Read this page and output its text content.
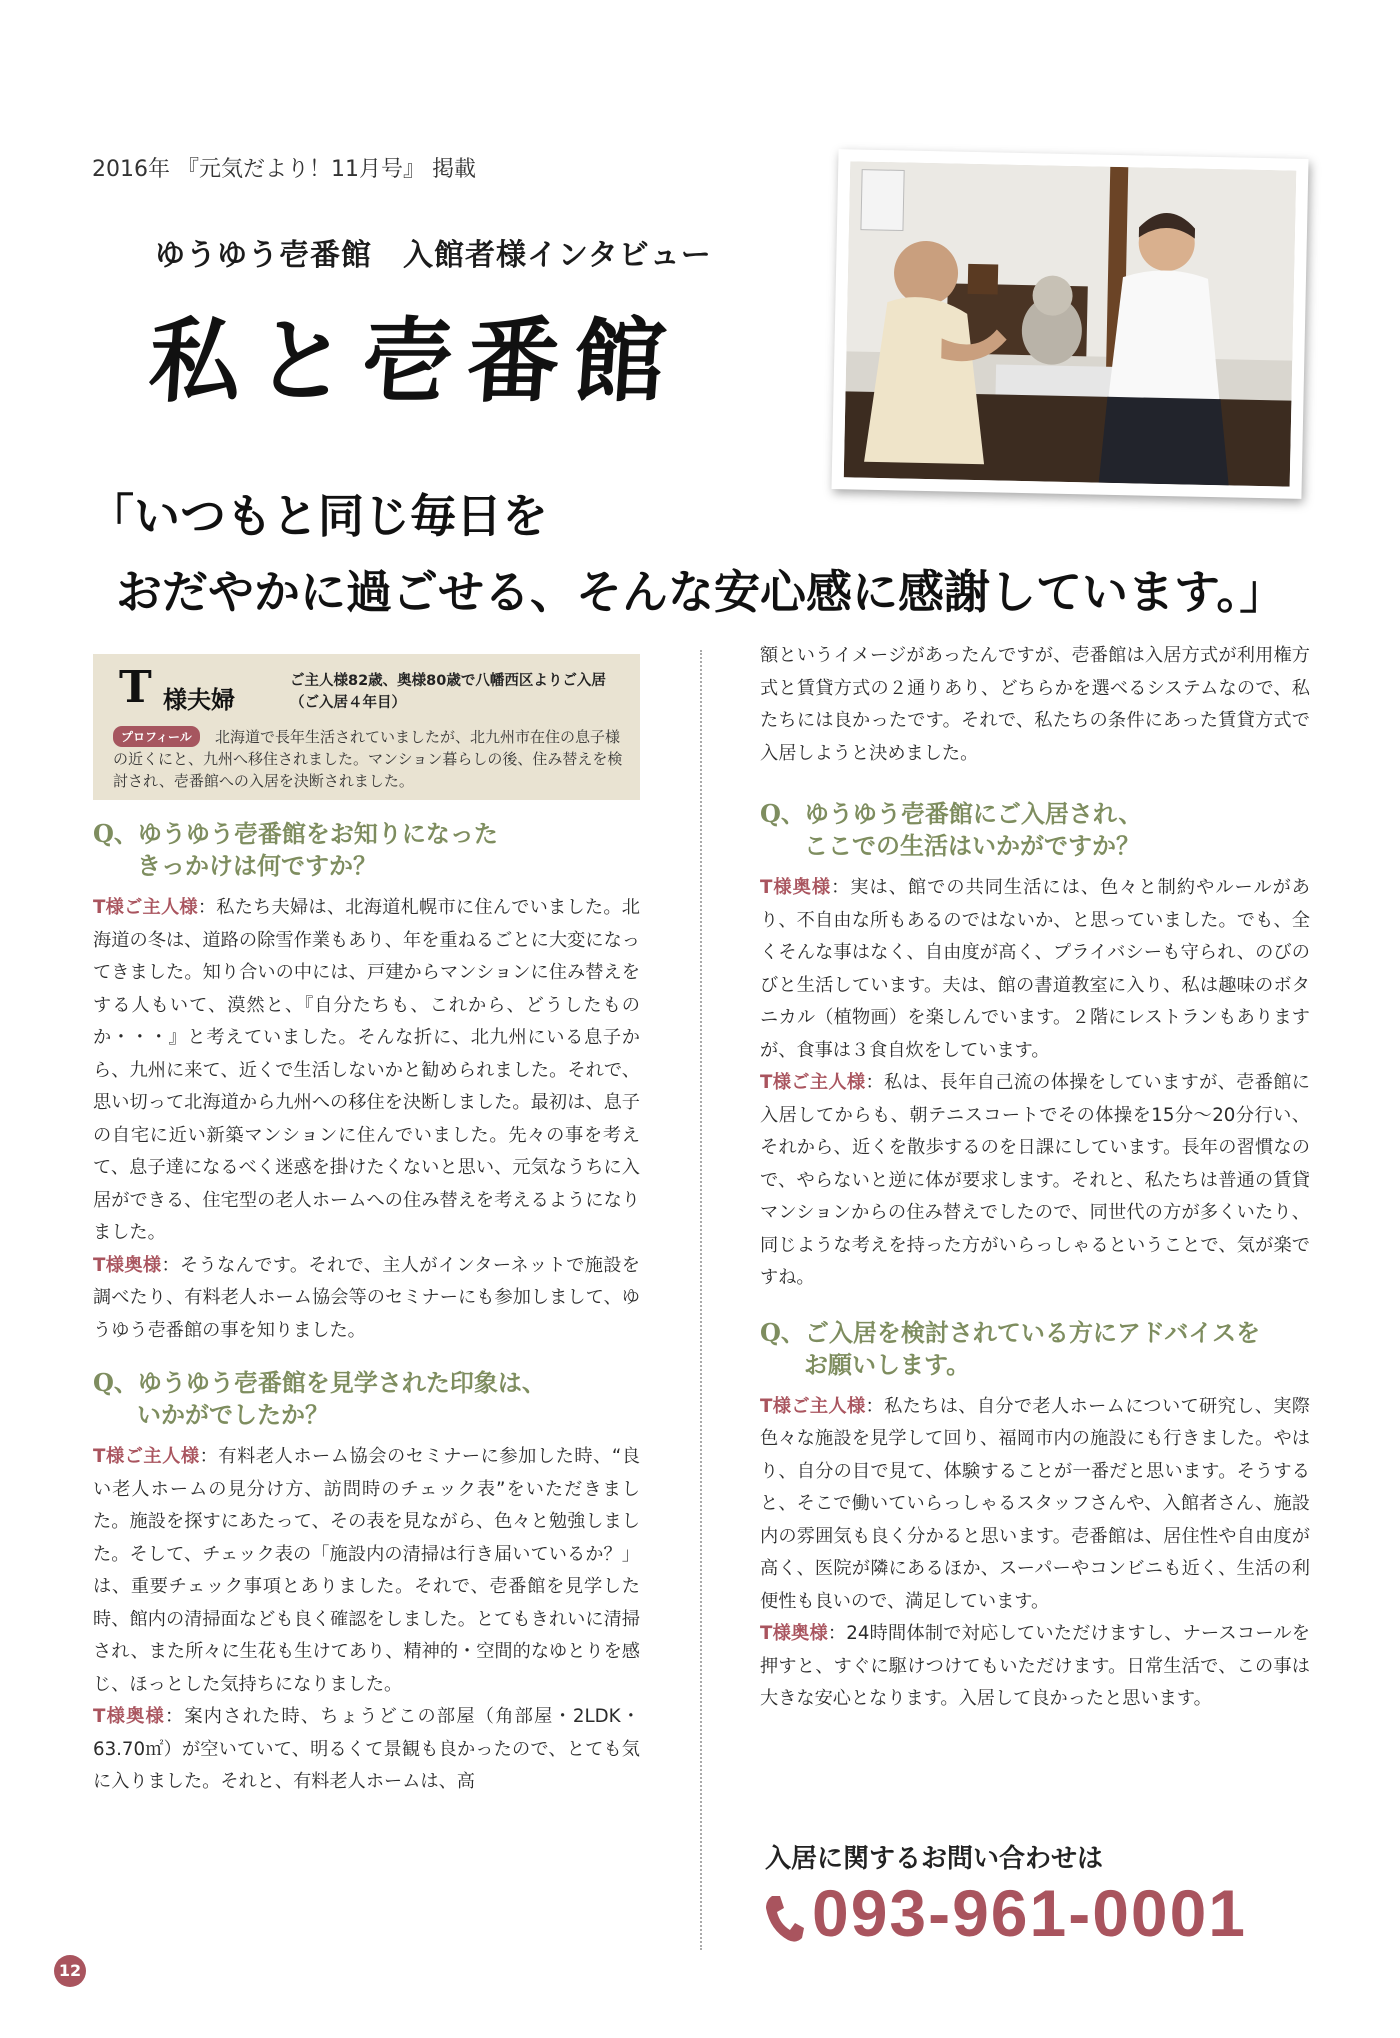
2016年 『元気だより！11月号』 掲載
ゆうゆう壱番館　入館者様インタビュー
私と壱番館
「いつもと同じ毎日を
おだやかに過ごせる、そんな安心感に感謝しています。」
T 様夫婦
ご主人様82歳、奥様80歳で八幡西区よりご入居
（ご入居４年目）
北海道で長年生活されていましたが、北九州市在住の息子様の近くにと、九州へ移住されました。マンション暮らしの後、住み替えを検討され、壱番館への入居を決断されました。
プロフィール
Q、ゆうゆう壱番館をお知りになった
きっかけは何ですか？
T様ご主人様：私たち夫婦は、北海道札幌市に住んでいました。北海道の冬は、道路の除雪作業もあり、年を重ねるごとに大変になってきました。知り合いの中には、戸建からマンションに住み替えをする人もいて、漠然と、『自分たちも、これから、どうしたものか・・・』と考えていました。そんな折に、北九州にいる息子から、九州に来て、近くで生活しないかと勧められました。それで、思い切って北海道から九州への移住を決断しました。最初は、息子の自宅に近い新築マンションに住んでいました。先々の事を考えて、息子達になるべく迷惑を掛けたくないと思い、元気なうちに入居ができる、住宅型の老人ホームへの住み替えを考えるようになりました。
T様奥様：そうなんです。それで、主人がインターネットで施設を調べたり、有料老人ホーム協会等のセミナーにも参加しまして、ゆうゆう壱番館の事を知りました。
Q、ゆうゆう壱番館を見学された印象は、
いかがでしたか？
T様ご主人様：有料老人ホーム協会のセミナーに参加した時、“良い老人ホームの見分け方、訪問時のチェック表”をいただきました。施設を探すにあたって、その表を見ながら、色々と勉強しました。そして、チェック表の「施設内の清掃は行き届いているか？」は、重要チェック事項とありました。それで、壱番館を見学した時、館内の清掃面なども良く確認をしました。とてもきれいに清掃され、また所々に生花も生けてあり、精神的・空間的なゆとりを感じ、ほっとした気持ちになりました。
T様奥様：案内された時、ちょうどこの部屋（角部屋・2LDK・63.70㎡）が空いていて、明るくて景観も良かったので、とても気に入りました。それと、有料老人ホームは、高
額というイメージがあったんですが、壱番館は入居方式が利用権方式と賃貸方式の２通りあり、どちらかを選べるシステムなので、私たちには良かったです。それで、私たちの条件にあった賃貸方式で入居しようと決めました。
Q、ゆうゆう壱番館にご入居され、
ここでの生活はいかがですか？
T様奥様：実は、館での共同生活には、色々と制約やルールがあり、不自由な所もあるのではないか、と思っていました。でも、全くそんな事はなく、自由度が高く、プライバシーも守られ、のびのびと生活しています。夫は、館の書道教室に入り、私は趣味のボタニカル（植物画）を楽しんでいます。２階にレストランもありますが、食事は３食自炊をしています。
T様ご主人様：私は、長年自己流の体操をしていますが、壱番館に入居してからも、朝テニスコートでその体操を15分～20分行い、それから、近くを散歩するのを日課にしています。長年の習慣なので、やらないと逆に体が要求します。それと、私たちは普通の賃貸マンションからの住み替えでしたので、同世代の方が多くいたり、同じような考えを持った方がいらっしゃるということで、気が楽ですね。
Q、ご入居を検討されている方にアドバイスを
お願いします。
T様ご主人様：私たちは、自分で老人ホームについて研究し、実際色々な施設を見学して回り、福岡市内の施設にも行きました。やはり、自分の目で見て、体験することが一番だと思います。そうすると、そこで働いていらっしゃるスタッフさんや、入館者さん、施設内の雰囲気も良く分かると思います。壱番館は、居住性や自由度が高く、医院が隣にあるほか、スーパーやコンビニも近く、生活の利便性も良いので、満足しています。
T様奥様：24時間体制で対応していただけますし、ナースコールを押すと、すぐに駆けつけてもいただけます。日常生活で、この事は大きな安心となります。入居して良かったと思います。
入居に関するお問い合わせは
093-961-0001
12
